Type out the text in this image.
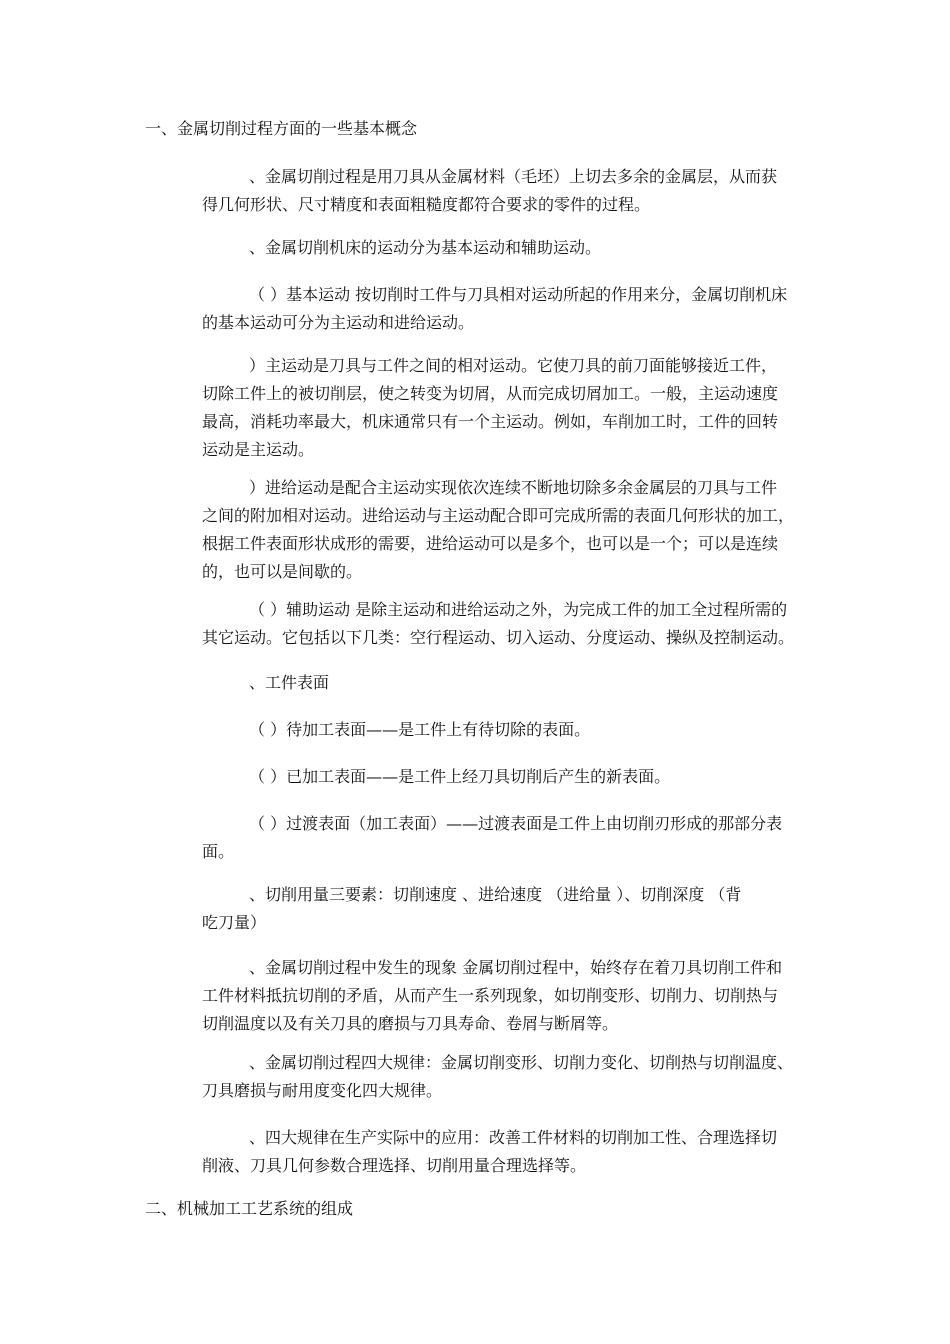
一、金属切削过程方面的一些基本概念
、金属切削过程是用刀具从金属材料（毛坯）上切去多余的金属层，从而获
得几何形状、尺寸精度和表面粗糙度都符合要求的零件的过程。
、金属切削机床的运动分为基本运动和辅助运动。
（ ）基本运动 按切削时工件与刀具相对运动所起的作用来分，金属切削机床
的基本运动可分为主运动和进给运动。
）主运动是刀具与工件之间的相对运动。它使刀具的前刀面能够接近工件，
切除工件上的被切削层，使之转变为切屑，从而完成切屑加工。一般，主运动速度
最高，消耗功率最大，机床通常只有一个主运动。例如，车削加工时，工件的回转
运动是主运动。
）进给运动是配合主运动实现依次连续不断地切除多余金属层的刀具与工件
之间的附加相对运动。进给运动与主运动配合即可完成所需的表面几何形状的加工，
根据工件表面形状成形的需要，进给运动可以是多个，也可以是一个；可以是连续
的，也可以是间歇的。
（ ）辅助运动 是除主运动和进给运动之外，为完成工件的加工全过程所需的
其它运动。它包括以下几类：空行程运动、切入运动、分度运动、操纵及控制运动。
、工件表面
（ ）待加工表面——是工件上有待切除的表面。
（ ）已加工表面——是工件上经刀具切削后产生的新表面。
（ ）过渡表面（加工表面）——过渡表面是工件上由切削刃形成的那部分表
面。
、切削用量三要素：切削速度 、进给速度 （进给量 ）、切削深度 （背
吃刀量）
、金属切削过程中发生的现象 金属切削过程中，始终存在着刀具切削工件和
工件材料抵抗切削的矛盾，从而产生一系列现象，如切削变形、切削力、切削热与
切削温度以及有关刀具的磨损与刀具寿命、卷屑与断屑等。
、金属切削过程四大规律：金属切削变形、切削力变化、切削热与切削温度、
刀具磨损与耐用度变化四大规律。
、四大规律在生产实际中的应用：改善工件材料的切削加工性、合理选择切
削液、刀具几何参数合理选择、切削用量合理选择等。
二、机械加工工艺系统的组成
